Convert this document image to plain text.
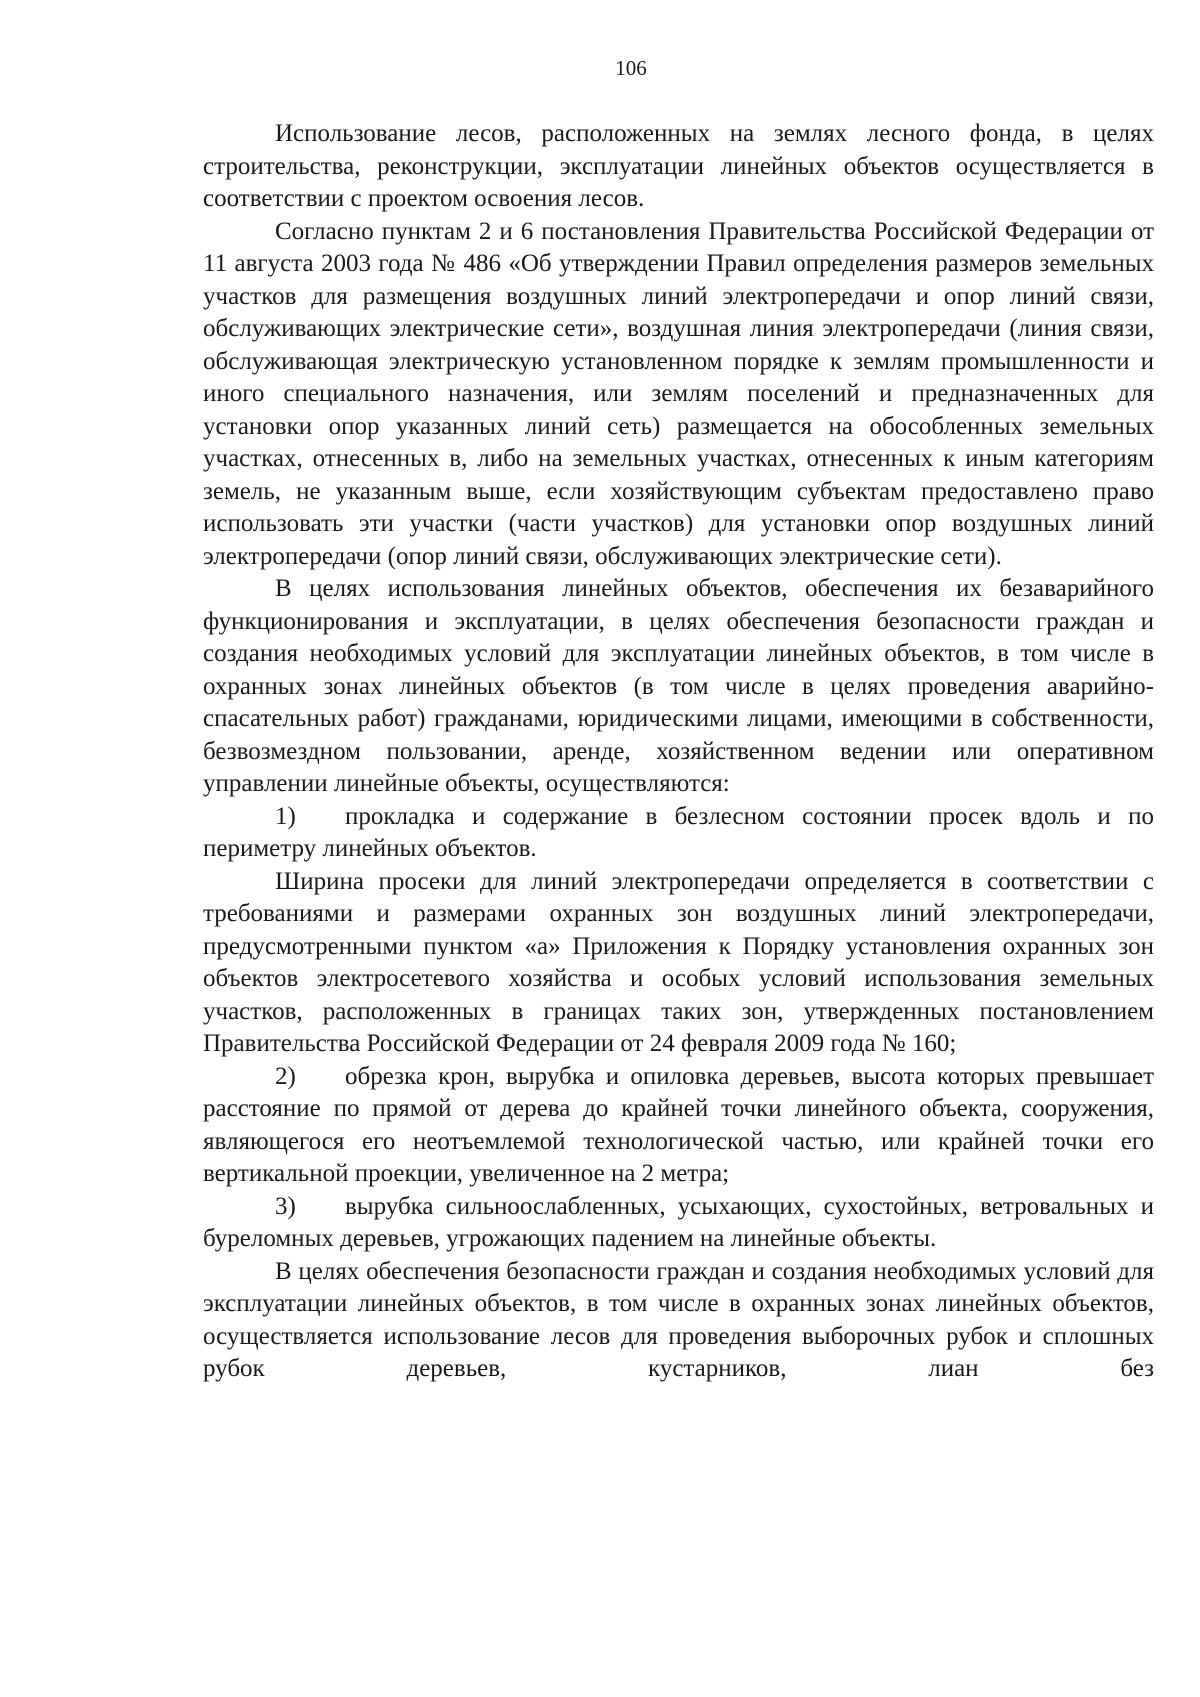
106

Использование лесов, расположенных на землях лесного фонда, в целях строительства, реконструкции, эксплуатации линейных объектов осуществляется в соответствии с проектом освоения лесов.

Согласно пунктам 2 и 6 постановления Правительства Российской Федерации от 11 августа 2003 года № 486 «Об утверждении Правил определения размеров земельных участков для размещения воздушных линий электропередачи и опор линий связи, обслуживающих электрические сети», воздушная линия электропередачи (линия связи, обслуживающая электрическую установленном порядке к землям промышленности и иного специального назначения, или землям поселений и предназначенных для установки опор указанных линий сеть) размещается на обособленных земельных участках, отнесенных в, либо на земельных участках, отнесенных к иным категориям земель, не указанным выше, если хозяйствующим субъектам предоставлено право использовать эти участки (части участков) для установки опор воздушных линий электропередачи (опор линий связи, обслуживающих электрические сети).

В целях использования линейных объектов, обеспечения их безаварийного функционирования и эксплуатации, в целях обеспечения безопасности граждан и создания необходимых условий для эксплуатации линейных объектов, в том числе в охранных зонах линейных объектов (в том числе в целях проведения аварийно-спасательных работ) гражданами, юридическими лицами, имеющими в собственности, безвозмездном пользовании, аренде, хозяйственном ведении или оперативном управлении линейные объекты, осуществляются:

1) прокладка и содержание в безлесном состоянии просек вдоль и по периметру линейных объектов.

Ширина просеки для линий электропередачи определяется в соответствии с требованиями и размерами охранных зон воздушных линий электропередачи, предусмотренными пунктом «а» Приложения к Порядку установления охранных зон объектов электросетевого хозяйства и особых условий использования земельных участков, расположенных в границах таких зон, утвержденных постановлением Правительства Российской Федерации от 24 февраля 2009 года № 160;

2) обрезка крон, вырубка и опиловка деревьев, высота которых превышает расстояние по прямой от дерева до крайней точки линейного объекта, сооружения, являющегося его неотъемлемой технологической частью, или крайней точки его вертикальной проекции, увеличенное на 2 метра;

3) вырубка сильноослабленных, усыхающих, сухостойных, ветровальных и буреломных деревьев, угрожающих падением на линейные объекты.

В целях обеспечения безопасности граждан и создания необходимых условий для эксплуатации линейных объектов, в том числе в охранных зонах линейных объектов, осуществляется использование лесов для проведения выборочных рубок и сплошных рубок деревьев, кустарников, лиан без
